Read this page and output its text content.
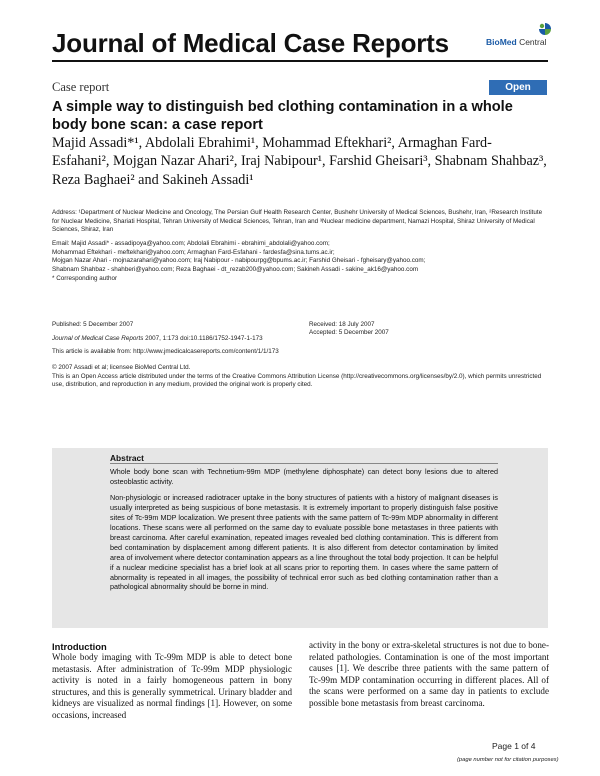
Journal of Medical Case Reports	BioMed Central
Case report	Open Access
A simple way to distinguish bed clothing contamination in a whole body bone scan: a case report
Majid Assadi*¹, Abdolali Ebrahimi¹, Mohammad Eftekhari², Armaghan Fard-Esfahani², Mojgan Nazar Ahari², Iraj Nabipour¹, Farshid Gheisari³, Shabnam Shahbaz³, Reza Baghaei² and Sakineh Assadi¹

Address: ¹Department of Nuclear Medicine and Oncology, The Persian Gulf Health Research Center, Bushehr University of Medical Sciences, Bushehr, Iran, ²Research Institute for Nuclear Medicine, Shariati Hospital, Tehran University of Medical Sciences, Tehran, Iran and ³Nuclear medicine department, Namazi Hospital, Shiraz University of Medical Sciences, Shiraz, Iran

Email: Majid Assadi* - assadipoya@yahoo.com; Abdolali Ebrahimi - ebrahimi_abdolali@yahoo.com;

Mohammad Eftekhari - meftekhari@yahoo.com; Armaghan Fard-Esfahani - fardesfa@sina.tums.ac.ir;

Mojgan Nazar Ahari - mojnazarahari@yahoo.com; Iraj Nabipour - nabipourpg@bpums.ac.ir; Farshid Gheisari - fgheisary@yahoo.com;

Shabnam Shahbaz - shahberi@yahoo.com; Reza Baghaei - dt_rezab200@yahoo.com; Sakineh Assadi - sakine_ak16@yahoo.com

* Corresponding author

Published: 5 December 2007	Received: 18 July 2007
Journal of Medical Case Reports 2007, 1:173 doi:10.1186/1752-1947-1-173
Accepted: 5 December 2007
This article is available from: http://www.jmedicalcasereports.com/content/1/1/173

© 2007 Assadi et al; licensee BioMed Central Ltd.

This is an Open Access article distributed under the terms of the Creative Commons Attribution License (http://creativecommons.org/licenses/by/2.0), which permits unrestricted use, distribution, and reproduction in any medium, provided the original work is properly cited.

Abstract

Whole body bone scan with Technetium-99m MDP (methylene diphosphate) can detect bony lesions due to altered osteoblastic activity.

Non-physiologic or increased radiotracer uptake in the bony structures of patients with a history of malignant diseases is usually interpreted as being suspicious of bone metastasis. It is extremely important to properly distinguish false positive sites of Tc-99m MDP localization. We present three patients with the same pattern of Tc-99m MDP abnormality in different locations. These scans were all performed on the same day to evaluate possible bone metastases in three patients with breast carcinoma. After careful examination, repeated images revealed bed clothing contamination. This is different from bed contamination by displacement among different patients. It is also different from detector contamination by limited area of involvement where detector contamination appears as a line throughout the total body projection. It can be helpful if a nuclear medicine specialist has a brief look at all scans prior to reporting them. In cases where the same pattern of abnormality is repeated in all images, the possibility of technical error such as bed clothing contamination rather than a pathological abnormality should be borne in mind.

Introduction
Whole body imaging with Tc-99m MDP is able to detect bone metastasis. After administration of Tc-99m MDP physiologic activity is noted in a fairly homogeneous pattern in bony structures, and this is generally symmetrical. Urinary bladder and kidneys are visualized as normal findings [1]. However, on some occasions, increased
activity in the bony or extra-skeletal structures is not due to bone-related pathologies. Contamination is one of the most important causes [1]. We describe three patients with the same pattern of Tc-99m MDP contamination occurring in different places. All of the scans were performed on a same day in patients to exclude possible bone metastasis from breast carcinoma.
Page 1 of 4
(page number not for citation purposes)
